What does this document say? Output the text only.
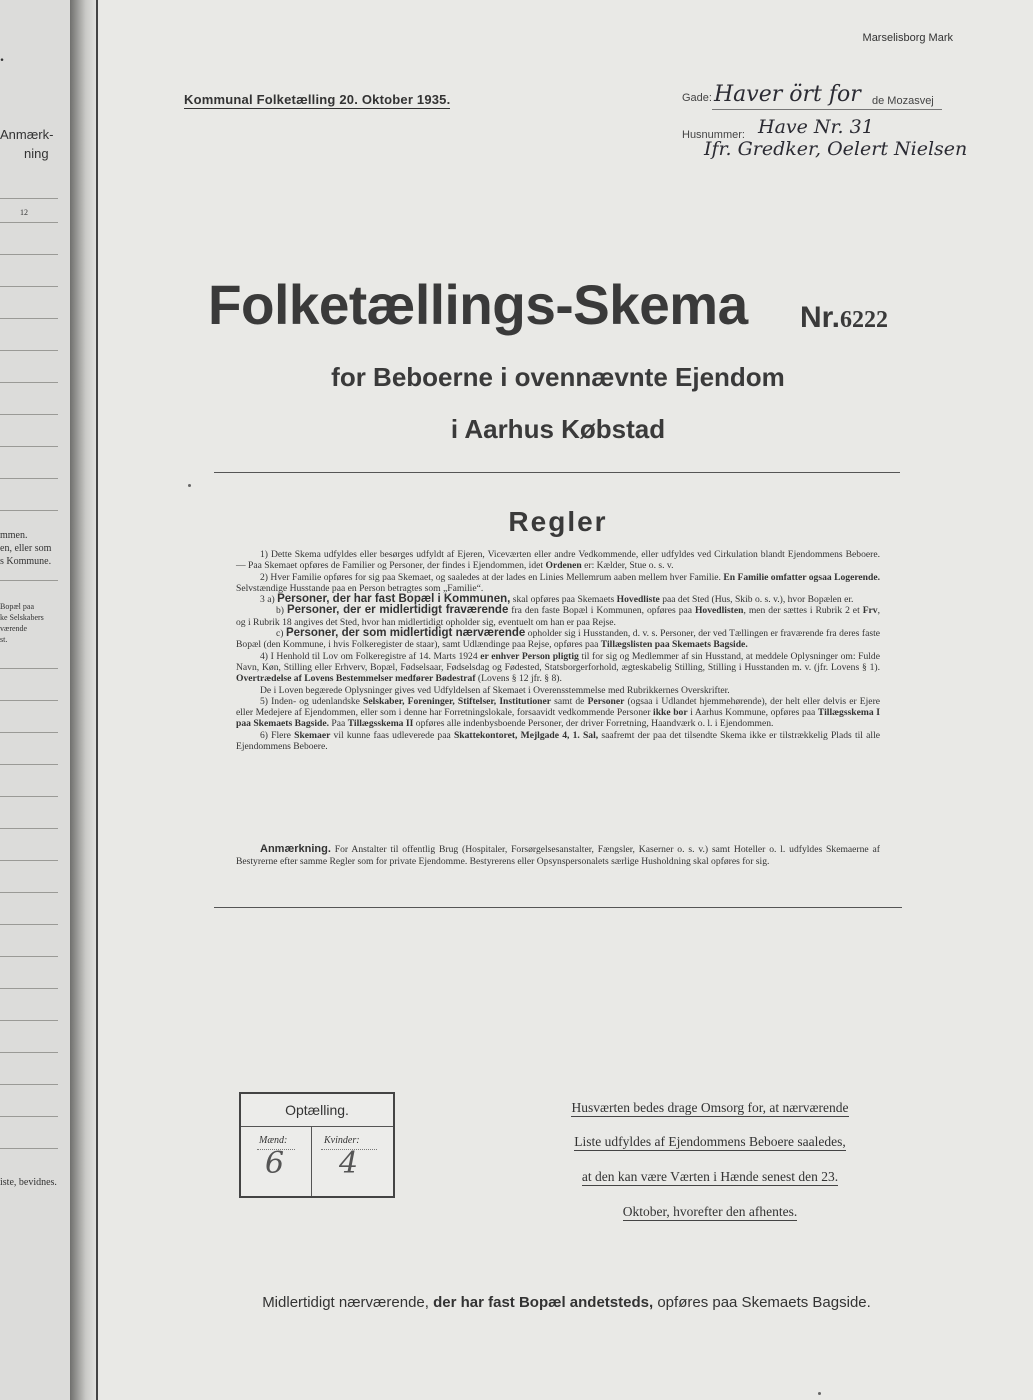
.
Anmærk-
ning
12
mmen.
en, eller som
s Kommune.
Bopæl paa
ke Selskabers
værende
st.
iste, bevidnes.
Marselisborg Mark
Kommunal Folketælling 20. Oktober 1935.	Gade: Haver ört for de Mozasvej
Husnummer: Have Nr. 31
Ifr. Gredker, Oelert Nielsen
Folketællings-Skema Nr.6222
for Beboerne i ovennævnte Ejendom
i Aarhus Købstad
Regler

1) Dette Skema udfyldes eller besørges udfyldt af Ejeren, Viceværten eller andre Vedkommende, eller udfyldes ved Cirkulation blandt Ejendommens Beboere. — Paa Skemaet opføres de Familier og Personer, der findes i Ejendommen, idet Ordenen er: Kælder, Stue o. s. v.

2) Hver Familie opføres for sig paa Skemaet, og saaledes at der lades en Linies Mellemrum aaben mellem hver Familie. En Familie omfatter ogsaa Logerende. Selvstændige Husstande paa en Person betragtes som „Familie“.

3 a) Personer, der har fast Bopæl i Kommunen, skal opføres paa Skemaets Hovedliste paa det Sted (Hus, Skib o. s. v.), hvor Bopælen er.

b) Personer, der er midlertidigt fraværende fra den faste Bopæl i Kommunen, opføres paa Hovedlisten, men der sættes i Rubrik 2 et Frv, og i Rubrik 18 angives det Sted, hvor han midlertidigt opholder sig, eventuelt om han er paa Rejse.

c) Personer, der som midlertidigt nærværende opholder sig i Husstanden, d. v. s. Personer, der ved Tællingen er fraværende fra deres faste Bopæl (den Kommune, i hvis Folkeregister de staar), samt Udlændinge paa Rejse, opføres paa Tillægslisten paa Skemaets Bagside.

4) I Henhold til Lov om Folkeregistre af 14. Marts 1924 er enhver Person pligtig til for sig og Medlemmer af sin Husstand, at meddele Oplysninger om: Fulde Navn, Køn, Stilling eller Erhverv, Bopæl, Fødselsaar, Fødselsdag og Fødested, Statsborgerforhold, ægteskabelig Stilling, Stilling i Husstanden m. v. (jfr. Lovens § 1). Overtrædelse af Lovens Bestemmelser medfører Bødestraf (Lovens § 12 jfr. § 8).

De i Loven begærede Oplysninger gives ved Udfyldelsen af Skemaet i Overensstemmelse med Rubrikkernes Overskrifter.

5) Inden- og udenlandske Selskaber, Foreninger, Stiftelser, Institutioner samt de Personer (ogsaa i Udlandet hjemmehørende), der helt eller delvis er Ejere eller Medejere af Ejendommen, eller som i denne har Forretningslokale, forsaavidt vedkommende Personer ikke bor i Aarhus Kommune, opføres paa Tillægsskema I paa Skemaets Bagside. Paa Tillægsskema II opføres alle indenbysboende Personer, der driver Forretning, Haandværk o. l. i Ejendommen.

6) Flere Skemaer vil kunne faas udleverede paa Skattekontoret, Mejlgade 4, 1. Sal, saafremt der paa det tilsendte Skema ikke er tilstrækkelig Plads til alle Ejendommens Beboere.

Anmærkning. For Anstalter til offentlig Brug (Hospitaler, Forsørgelsesanstalter, Fængsler, Kaserner o. s. v.) samt Hoteller o. l. udfyldes Skemaerne af Bestyrerne efter samme Regler som for private Ejendomme. Bestyrerens eller Opsynspersonalets særlige Husholdning skal opføres for sig.

Optælling.
Mænd:	Kvinder:
6 4
Husværten bedes drage Omsorg for, at nærværende
Liste udfyldes af Ejendommens Beboere saaledes,
at den kan være Værten i Hænde senest den 23.
Oktober, hvorefter den afhentes.
Midlertidigt nærværende, der har fast Bopæl andetsteds, opføres paa Skemaets Bagside.
